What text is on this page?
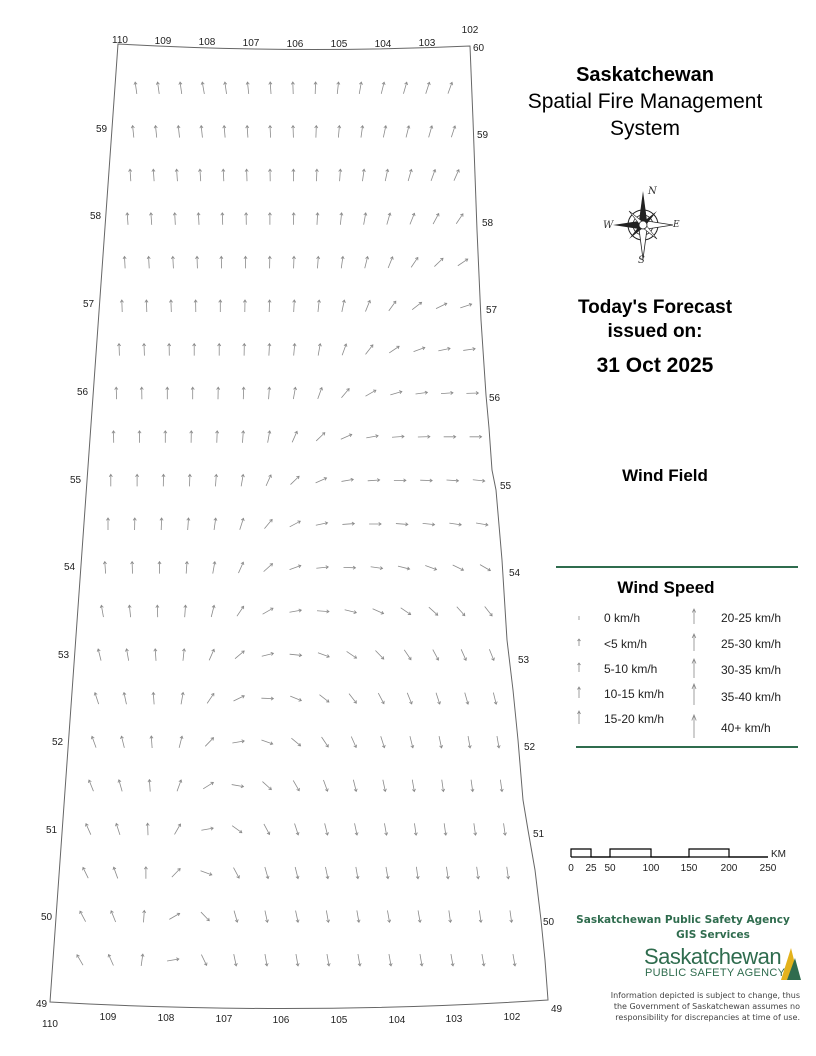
110	109	108	107	106	105	104	103
102
110
109	108	107	106	105	104	103	102
59
58
57
56
55
54
53
52
51
50
49
60
59
58
57
56
55
54
53
52
51
50
49
N
E
S
W
KM
0 25 50	100 150 200 250
Saskatchewan
Spatial Fire Management
System
Today's Forecast
issued on:
31 Oct 2025
Wind Field
Wind Speed
0 km/h
<5 km/h
5-10 km/h
10-15 km/h
15-20 km/h
20-25 km/h
25-30 km/h
30-35 km/h
35-40 km/h
40+ km/h
Saskatchewan Public Safety Agency
GIS Services
Saskatchewan
PUBLIC SAFETY AGENCY
Information depicted is subject to change, thus
the Government of Saskatchewan assumes no
responsibility for discrepancies at time of use.
